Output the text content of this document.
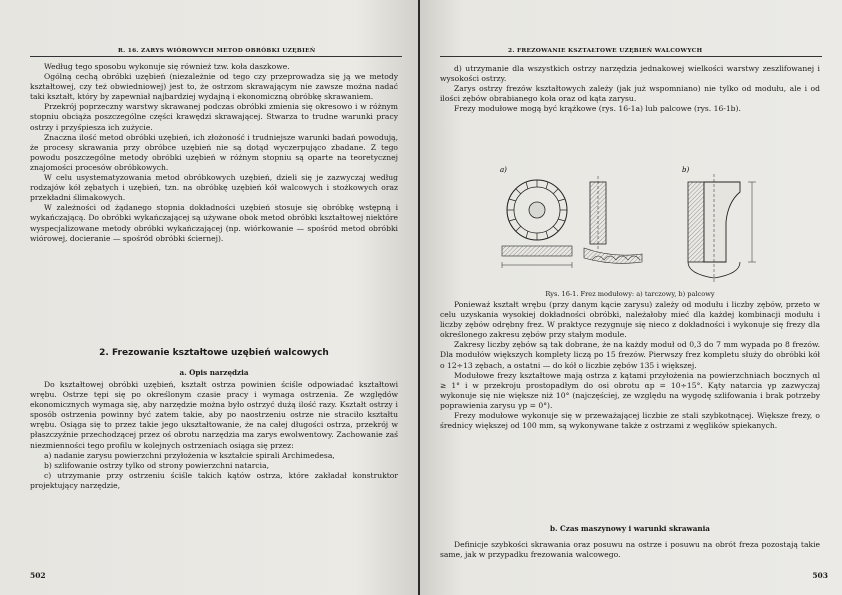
R. 16. ZARYS WIÓROWYCH METOD OBRÓBKI UZĘBIEŃ

Według tego sposobu wykonuje się również tzw. koła daszkowe.

Ogólną cechą obróbki uzębień (niezależnie od tego czy przeprowadza się ją we metody kształtowej, czy też obwiedniowej) jest to, że ostrzom skrawającym nie zawsze można nadać taki kształt, który by zapewniał najbardziej wydajną i ekonomiczną obróbkę skrawaniem.

Przekrój poprzeczny warstwy skrawanej podczas obróbki zmienia się okresowo i w różnym stopniu obciąża poszczególne części krawędzi skrawającej. Stwarza to trudne warunki pracy ostrzy i przyśpiesza ich zużycie.

Znaczna ilość metod obróbki uzębień, ich złożoność i trudniejsze warunki badań powodują, że procesy skrawania przy obróbce uzębień nie są dotąd wyczerpująco zbadane. Z tego powodu poszczególne metody obróbki uzębień w różnym stopniu są oparte na teoretycznej znajomości procesów obróbkowych.

W celu usystematyzowania metod obróbkowych uzębień, dzieli się je zazwyczaj według rodzajów kół zębatych i uzębień, tzn. na obróbkę uzębień kół walcowych i stożkowych oraz przekładni ślimakowych.

W zależności od żądanego stopnia dokładności uzębień stosuje się obróbkę wstępną i wykańczającą. Do obróbki wykańczającej są używane obok metod obróbki kształtowej niektóre wyspecjalizowane metody obróbki wykańczającej (np. wiórkowanie — spośród metod obróbki wiórowej, docieranie — spośród obróbki ściernej).

2. Frezowanie kształtowe uzębień walcowych
a. Opis narzędzia

Do kształtowej obróbki uzębień, kształt ostrza powinien ściśle odpowiadać kształtowi wrębu. Ostrze tępi się po określonym czasie pracy i wymaga ostrzenia. Ze względów ekonomicznych wymaga się, aby narzędzie można było ostrzyć dużą ilość razy. Kształt ostrzy i sposób ostrzenia powinny być zatem takie, aby po naostrzeniu ostrze nie straciło kształtu wrębu. Osiąga się to przez takie jego ukształtowanie, że na całej długości ostrza, przekrój w płaszczyźnie przechodzącej przez oś obrotu narzędzia ma zarys ewolwentowy. Zachowanie zaś niezmienności tego profilu w kolejnych ostrzeniach osiąga się przez:

a) nadanie zarysu powierzchni przyłożenia w kształcie spirali Archimedesa,

b) szlifowanie ostrzy tylko od strony powierzchni natarcia,

c) utrzymanie przy ostrzeniu ściśle takich kątów ostrza, które zakładał konstruktor projektujący narzędzie,

502
2. FREZOWANIE KSZTAŁTOWE UZĘBIEŃ WALCOWYCH

d) utrzymanie dla wszystkich ostrzy narzędzia jednakowej wielkości warstwy zeszlifowanej i wysokości ostrzy.

Zarys ostrzy frezów kształtowych zależy (jak już wspomniano) nie tylko od modułu, ale i od ilości zębów obrabianego koła oraz od kąta zarysu.

Frezy modułowe mogą być krążkowe (rys. 16-1a) lub palcowe (rys. 16-1b).

a)	b)
Rys. 16-1. Frez modułowy: a) tarczowy, b) palcowy

Ponieważ kształt wrębu (przy danym kącie zarysu) zależy od modułu i liczby zębów, przeto w celu uzyskania wysokiej dokładności obróbki, należałoby mieć dla każdej kombinacji modułu i liczby zębów odrębny frez. W praktyce rezygnuje się nieco z dokładności i wykonuje się frezy dla określonego zakresu zębów przy stałym module.

Zakresy liczby zębów są tak dobrane, że na każdy moduł od 0,3 do 7 mm wypada po 8 frezów. Dla modułów większych komplety liczą po 15 frezów. Pierwszy frez kompletu służy do obróbki kół o 12÷13 zębach, a ostatni — do kół o liczbie zębów 135 i większej.

Modułowe frezy kształtowe mają ostrza z kątami przyłożenia na powierzchniach bocznych αl ≥ 1° i w przekroju prostopadłym do osi obrotu αp = 10÷15°. Kąty natarcia γp zazwyczaj wykonuje się nie większe niż 10° (najczęściej, ze względu na wygodę szlifowania i brak potrzeby poprawienia zarysu γp = 0°).

Frezy modułowe wykonuje się w przeważającej liczbie ze stali szybkotnącej. Większe frezy, o średnicy większej od 100 mm, są wykonywane także z ostrzami z węglików spiekanych.

b. Czas maszynowy i warunki skrawania

Definicje szybkości skrawania oraz posuwu na ostrze i posuwu na obrót freza pozostają takie same, jak w przypadku frezowania walcowego.

503
